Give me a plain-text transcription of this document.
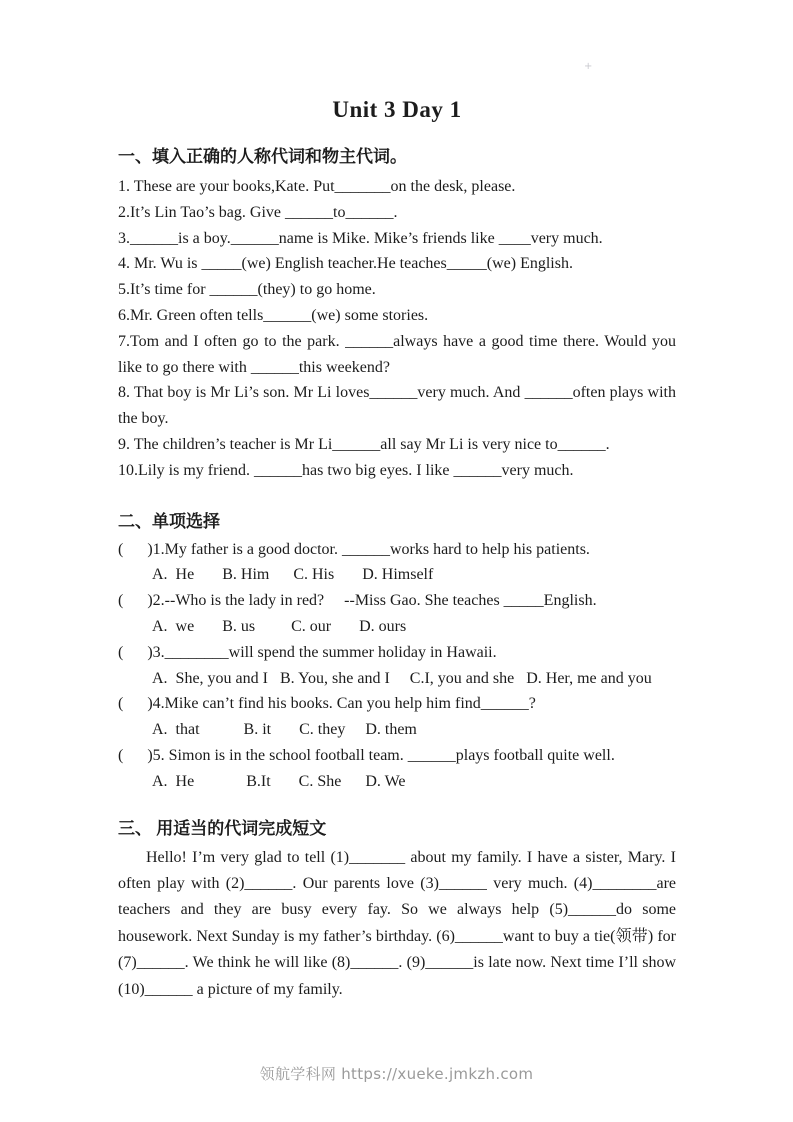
+
Unit 3 Day 1
一、填入正确的人称代词和物主代词。
1. These are your books,Kate. Put_______on the desk, please.
2.It’s Lin Tao’s bag. Give ______to______.
3.______is a boy.______name is Mike. Mike’s friends like ____very much.
4. Mr. Wu is _____(we) English teacher.He teaches_____(we) English.
5.It’s time for ______(they) to go home.
6.Mr. Green often tells______(we) some stories.
7.Tom and I often go to the park. ______always have a good time there. Would you like to go there with ______this weekend?
8. That boy is Mr Li’s son. Mr Li loves______very much. And ______often plays with the boy.
9. The children’s teacher is Mr Li______all say Mr Li is very nice to______.
10.Lily is my friend. ______has two big eyes. I like ______very much.
二、单项选择
(      )1.My father is a good doctor. ______works hard to help his patients.
A.  He       B. Him      C. His       D. Himself
(      )2.--Who is the lady in red?     --Miss Gao. She teaches _____English.
A.  we       B. us         C. our       D. ours
(      )3.________will spend the summer holiday in Hawaii.
A.  She, you and I   B. You, she and I     C.I, you and she   D. Her, me and you
(      )4.Mike can’t find his books. Can you help him find______?
A.  that           B. it       C. they     D. them
(      )5. Simon is in the school football team. ______plays football quite well.
A.  He             B.It       C. She      D. We
三、 用适当的代词完成短文
Hello! I’m very glad to tell (1)_______ about my family. I have a sister, Mary. I often play with (2)______. Our parents love (3)______ very much. (4)________are teachers and they are busy every fay. So we always help (5)______do some housework. Next Sunday is my father’s birthday. (6)______want to buy a tie(领带) for (7)______. We think he will like (8)______. (9)______is late now. Next time I’ll show (10)______ a picture of my family.
领航学科网 https://xueke.jmkzh.com
